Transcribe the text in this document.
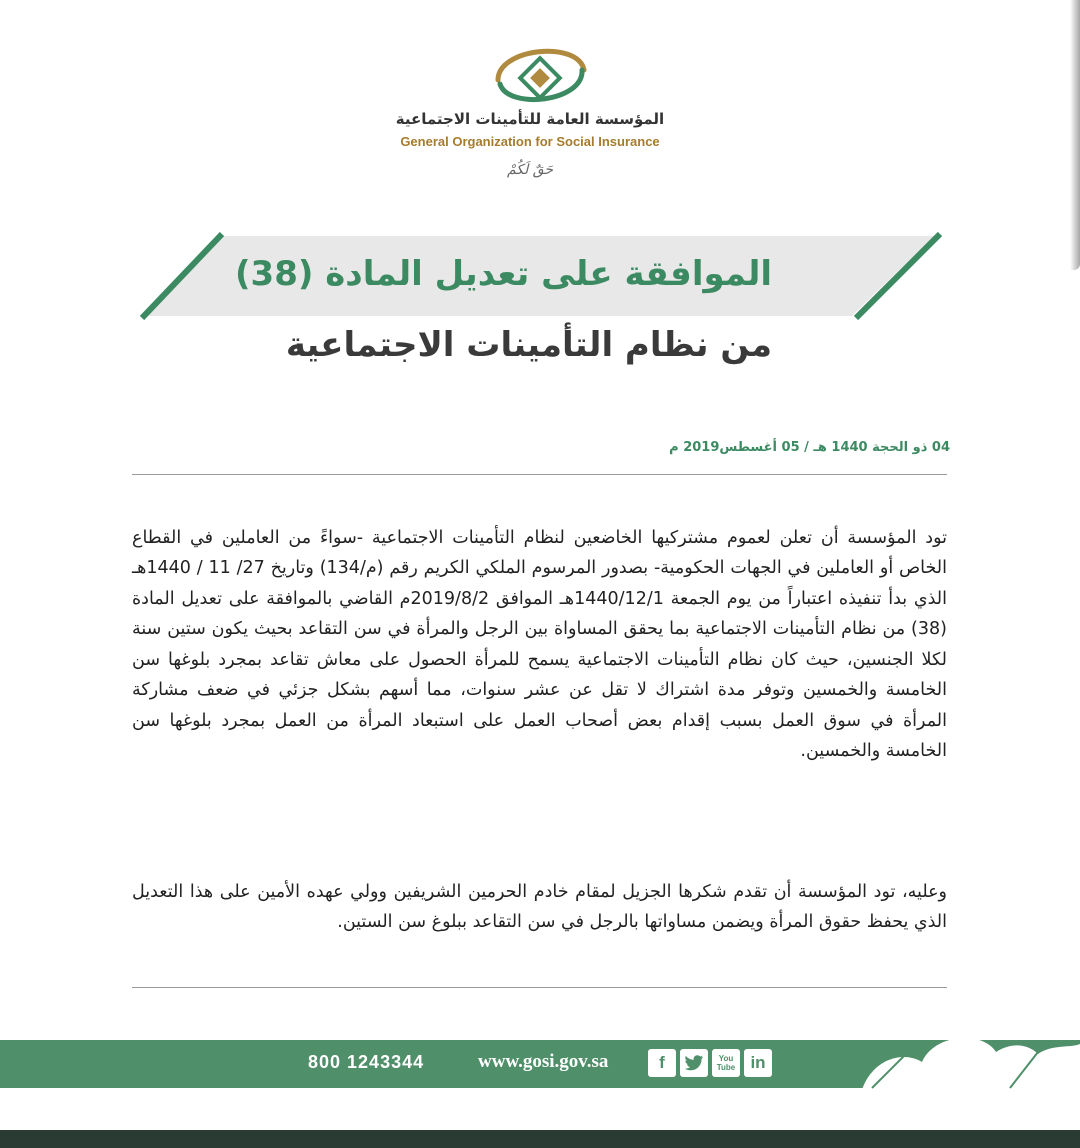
المؤسسة العامة للتأمينات الاجتماعية
General Organization for Social Insurance
حَقٌ لَكُمْ
الموافقة على تعديل المادة (38)
من نظام التأمينات الاجتماعية
04 ذو الحجة 1440 هـ / 05 أغسطس2019 م

تود المؤسسة أن تعلن لعموم مشتركيها الخاضعين لنظام التأمينات الاجتماعية -سواءً من العاملين في القطاع الخاص أو العاملين في الجهات الحكومية- بصدور المرسوم الملكي الكريم رقم (م/134) وتاريخ 27/ 11 / 1440هـ الذي بدأ تنفيذه اعتباراً من يوم الجمعة 1440/12/1هـ الموافق 2019/8/2م القاضي بالموافقة على تعديل المادة (38) من نظام التأمينات الاجتماعية بما يحقق المساواة بين الرجل والمرأة في سن التقاعد بحيث يكون ستين سنة لكلا الجنسين، حيث كان نظام التأمينات الاجتماعية يسمح للمرأة الحصول على معاش تقاعد بمجرد بلوغها سن الخامسة والخمسين وتوفر مدة اشتراك لا تقل عن عشر سنوات، مما أسهم بشكل جزئي في ضعف مشاركة المرأة في سوق العمل بسبب إقدام بعض أصحاب العمل على استبعاد المرأة من العمل بمجرد بلوغها سن الخامسة والخمسين.

وعليه، تود المؤسسة أن تقدم شكرها الجزيل لمقام خادم الحرمين الشريفين وولي عهده الأمين على هذا التعديل الذي يحفظ حقوق المرأة ويضمن مساواتها بالرجل في سن التقاعد ببلوغ سن الستين.

800 1243344	www.gosi.gov.sa	f	You
Tube in
